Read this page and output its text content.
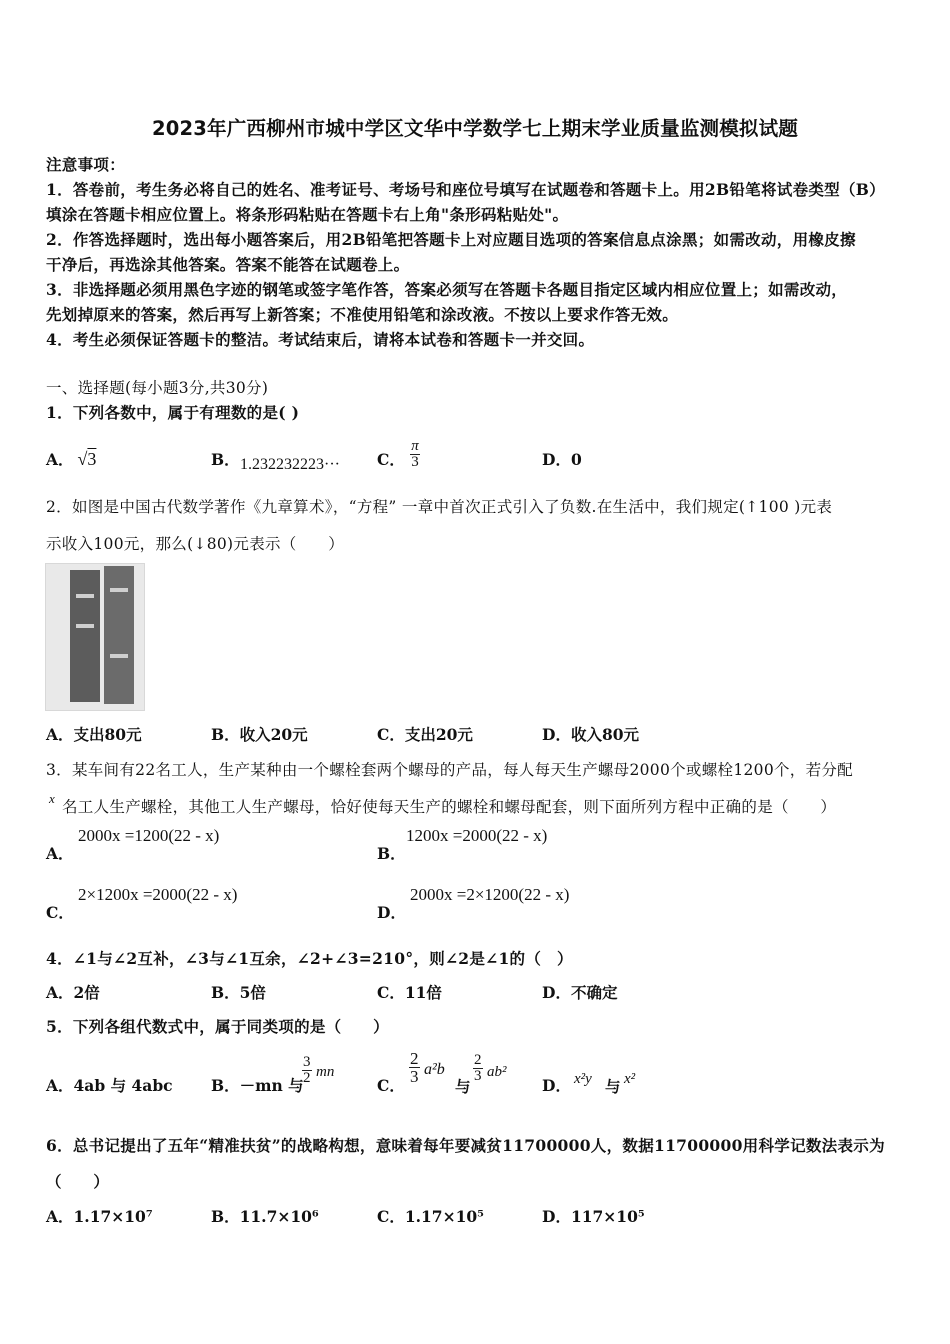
2023年广西柳州市城中学区文华中学数学七上期末学业质量监测模拟试题
注意事项：
1．答卷前，考生务必将自己的姓名、准考证号、考场号和座位号填写在试题卷和答题卡上。用2B铅笔将试卷类型（B）
填涂在答题卡相应位置上。将条形码粘贴在答题卡右上角"条形码粘贴处"。
2．作答选择题时，选出每小题答案后，用2B铅笔把答题卡上对应题目选项的答案信息点涂黑；如需改动，用橡皮擦
干净后，再选涂其他答案。答案不能答在试题卷上。
3．非选择题必须用黑色字迹的钢笔或签字笔作答，答案必须写在答题卡各题目指定区域内相应位置上；如需改动，
先划掉原来的答案，然后再写上新答案；不准使用铅笔和涂改液。不按以上要求作答无效。
4．考生必须保证答题卡的整洁。考试结束后，请将本试卷和答题卡一并交回。
一、选择题(每小题3分,共30分)
1．下列各数中，属于有理数的是( )
A． √3	B． 1.232232223··· C． $\frac{\pi}{3}$	D．0
2．如图是中国古代数学著作《九章算术》，“方程” 一章中首次正式引入了负数.在生活中，我们规定(↑100 )元表
示收入100元，那么(↓80)元表示（　　）
A．支出80元	B．收入20元	C．支出20元	D．收入80元
3．某车间有22名工人，生产某种由一个螺栓套两个螺母的产品，每人每天生产螺母2000个或螺栓1200个，若分配
x 名工人生产螺栓，其他工人生产螺母，恰好使每天生产的螺栓和螺母配套，则下面所列方程中正确的是（　　）
A．
2000x =1200(22 - x)
B．
1200x =2000(22 - x)
C．
2×1200x =2000(22 - x)
D．
2000x =2×1200(22 - x)
4．∠1与∠2互补，∠3与∠1互余，∠2+∠3=210°，则∠2是∠1的（　）
A．2倍	B．5倍	C．11倍	D．不确定
5．下列各组代数式中，属于同类项的是（　　）
A．4ab 与 4abc B．－mn 与
$\frac{3}{2}$ mn
C．
$\frac{2}{3} a^2b$
与
$\frac{2}{3} ab^2$
D． x²y 与 x²
6．总书记提出了五年“精准扶贫”的战略构想，意味着每年要减贫11700000人，数据11700000用科学记数法表示为
（　　）
A．1.17×10⁷	B．11.7×10⁶	C．1.17×10⁵	D．117×10⁵
